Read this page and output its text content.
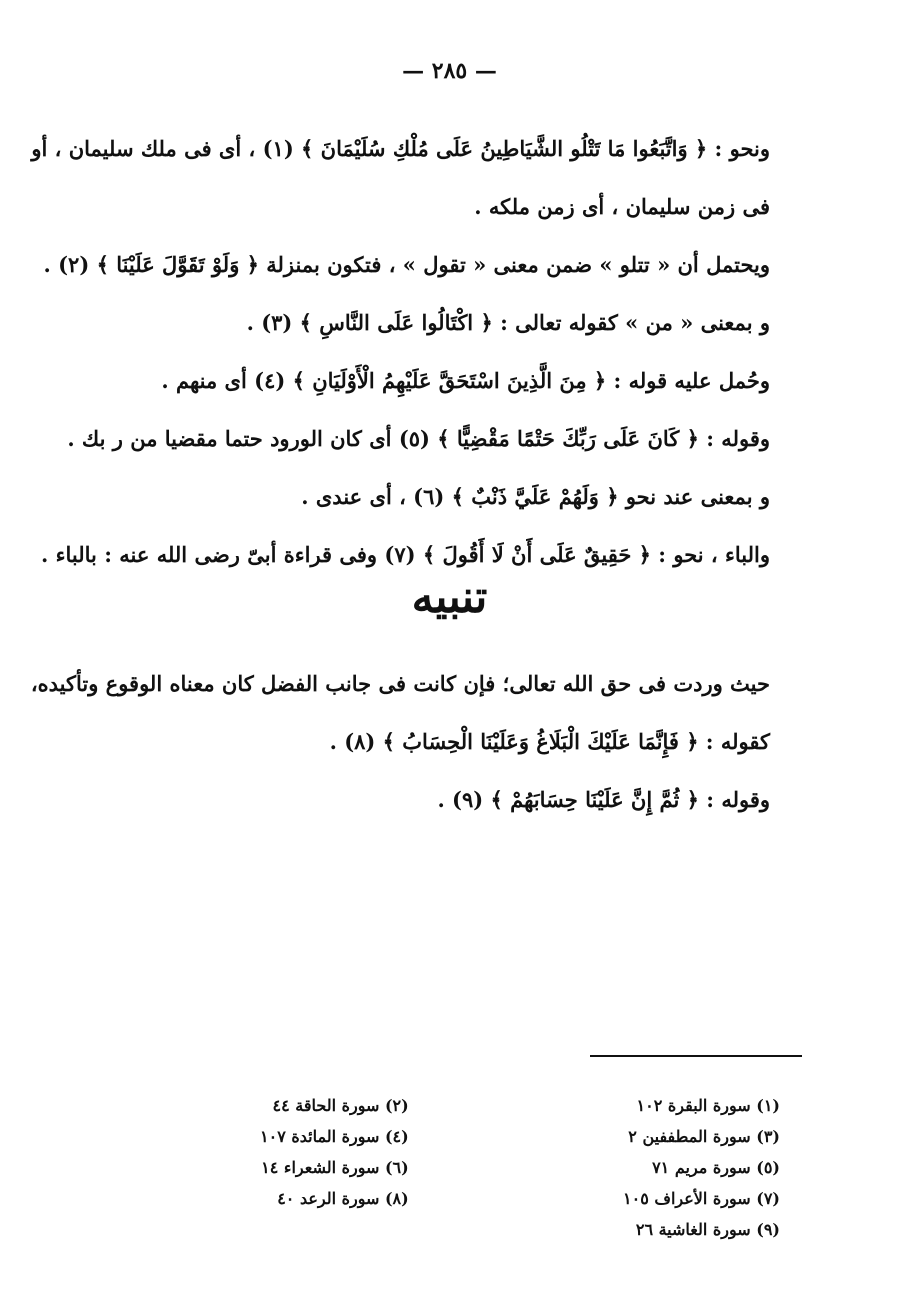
— ٢٨٥ —
ونحو : ﴿ وَاتَّبَعُوا مَا تَتْلُو الشَّيَاطِينُ عَلَى مُلْكِ سُلَيْمَانَ ﴾ (١) ، أى فى ملك سليمان ، أو
فى زمن سليمان ، أى زمن ملكه .
ويحتمل أن « تتلو » ضمن معنى « تقول » ، فتكون بمنزلة ﴿ وَلَوْ تَقَوَّلَ عَلَيْنَا ﴾ (٢) .
و بمعنى « من » كقوله تعالى : ﴿ اكْتَالُوا عَلَى النَّاسِ ﴾ (٣) .
وحُمل عليه قوله : ﴿ مِنَ الَّذِينَ اسْتَحَقَّ عَلَيْهِمُ الْأَوْلَيَانِ ﴾ (٤) أى منهم .
وقوله : ﴿ كَانَ عَلَى رَبِّكَ حَتْمًا مَقْضِيًّا ﴾ (٥) أى كان الورود حتما مقضيا من ر بك .
و بمعنى عند نحو ﴿ وَلَهُمْ عَلَيَّ ذَنْبٌ ﴾ (٦) ، أى عندى .
والباء ، نحو : ﴿ حَقِيقٌ عَلَى أَنْ لَا أَقُولَ ﴾ (٧) وفى قراءة أبىّ رضى الله عنه : بالباء .
تنبيه
حيث وردت فى حق الله تعالى؛ فإن كانت فى جانب الفضل كان معناه الوقوع وتأكيده،
كقوله : ﴿ فَإِنَّمَا عَلَيْكَ الْبَلَاغُ وَعَلَيْنَا الْحِسَابُ ﴾ (٨) .
وقوله : ﴿ ثُمَّ إِنَّ عَلَيْنَا حِسَابَهُمْ ﴾ (٩) .
(١) سورة البقرة ١٠٢
(٣) سورة المطففين ٢
(٥) سورة مريم ٧١
(٧) سورة الأعراف ١٠٥
(٩) سورة الغاشية ٢٦
(٢) سورة الحاقة ٤٤
(٤) سورة المائدة ١٠٧
(٦) سورة الشعراء ١٤
(٨) سورة الرعد ٤٠
